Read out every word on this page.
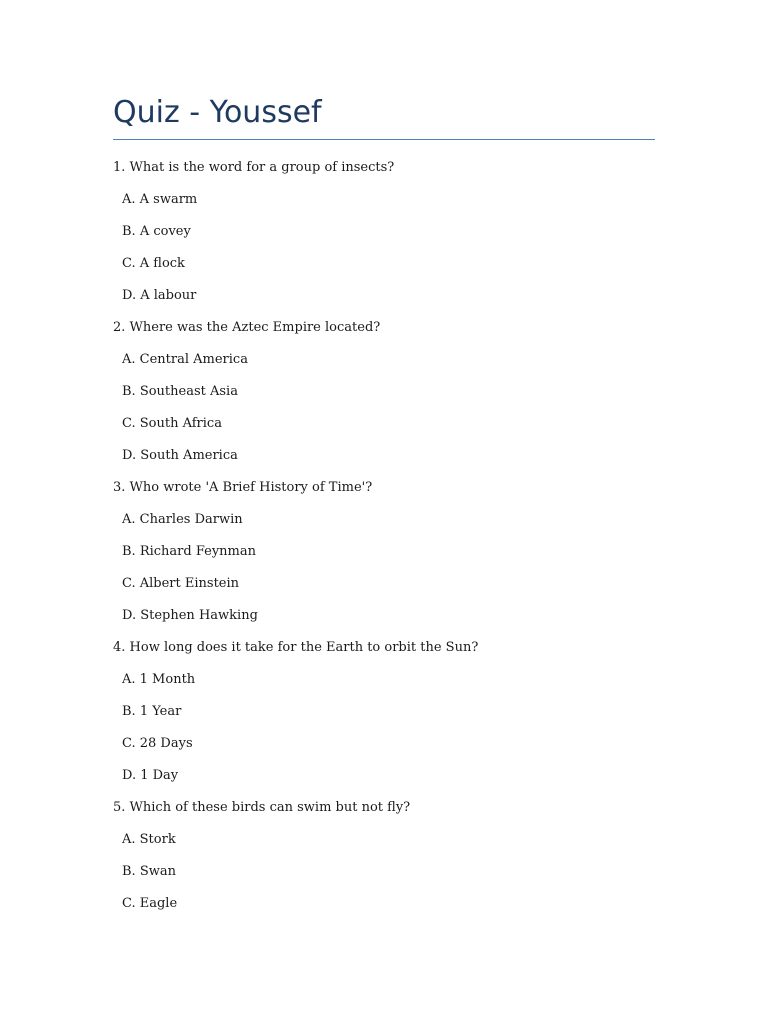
Quiz - Youssef
1. What is the word for a group of insects?
A. A swarm
B. A covey
C. A flock
D. A labour
2. Where was the Aztec Empire located?
A. Central America
B. Southeast Asia
C. South Africa
D. South America
3. Who wrote 'A Brief History of Time'?
A. Charles Darwin
B. Richard Feynman
C. Albert Einstein
D. Stephen Hawking
4. How long does it take for the Earth to orbit the Sun?
A. 1 Month
B. 1 Year
C. 28 Days
D. 1 Day
5. Which of these birds can swim but not fly?
A. Stork
B. Swan
C. Eagle
